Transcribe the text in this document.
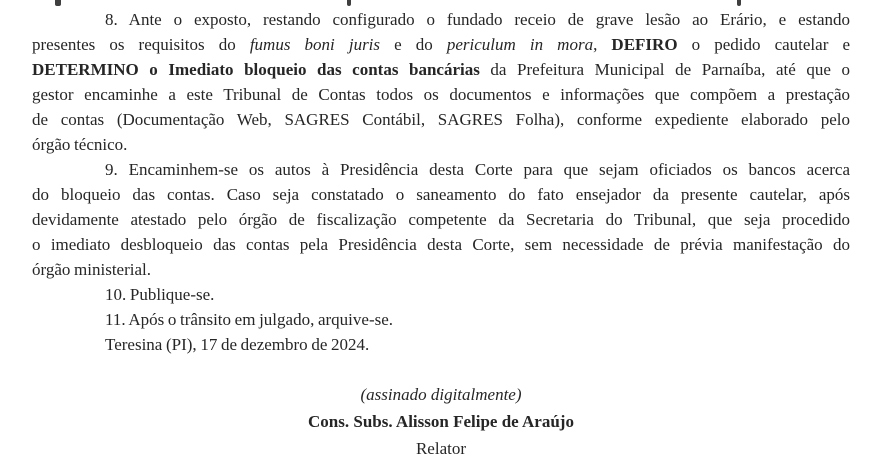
8. Ante o exposto, restando configurado o fundado receio de grave lesão ao Erário, e estando
presentes os requisitos do fumus boni juris e do periculum in mora, DEFIRO o pedido cautelar e
DETERMINO o Imediato bloqueio das contas bancárias da Prefeitura Municipal de Parnaíba, até que o
gestor encaminhe a este Tribunal de Contas todos os documentos e informações que compõem a prestação
de contas (Documentação Web, SAGRES Contábil, SAGRES Folha), conforme expediente elaborado pelo
órgão técnico.
9. Encaminhem-se os autos à Presidência desta Corte para que sejam oficiados os bancos acerca
do bloqueio das contas. Caso seja constatado o saneamento do fato ensejador da presente cautelar, após
devidamente atestado pelo órgão de fiscalização competente da Secretaria do Tribunal, que seja procedido
o imediato desbloqueio das contas pela Presidência desta Corte, sem necessidade de prévia manifestação do
órgão ministerial.
10. Publique-se.
11. Após o trânsito em julgado, arquive-se.
Teresina (PI), 17 de dezembro de 2024.
(assinado digitalmente)
Cons. Subs. Alisson Felipe de Araújo
Relator
